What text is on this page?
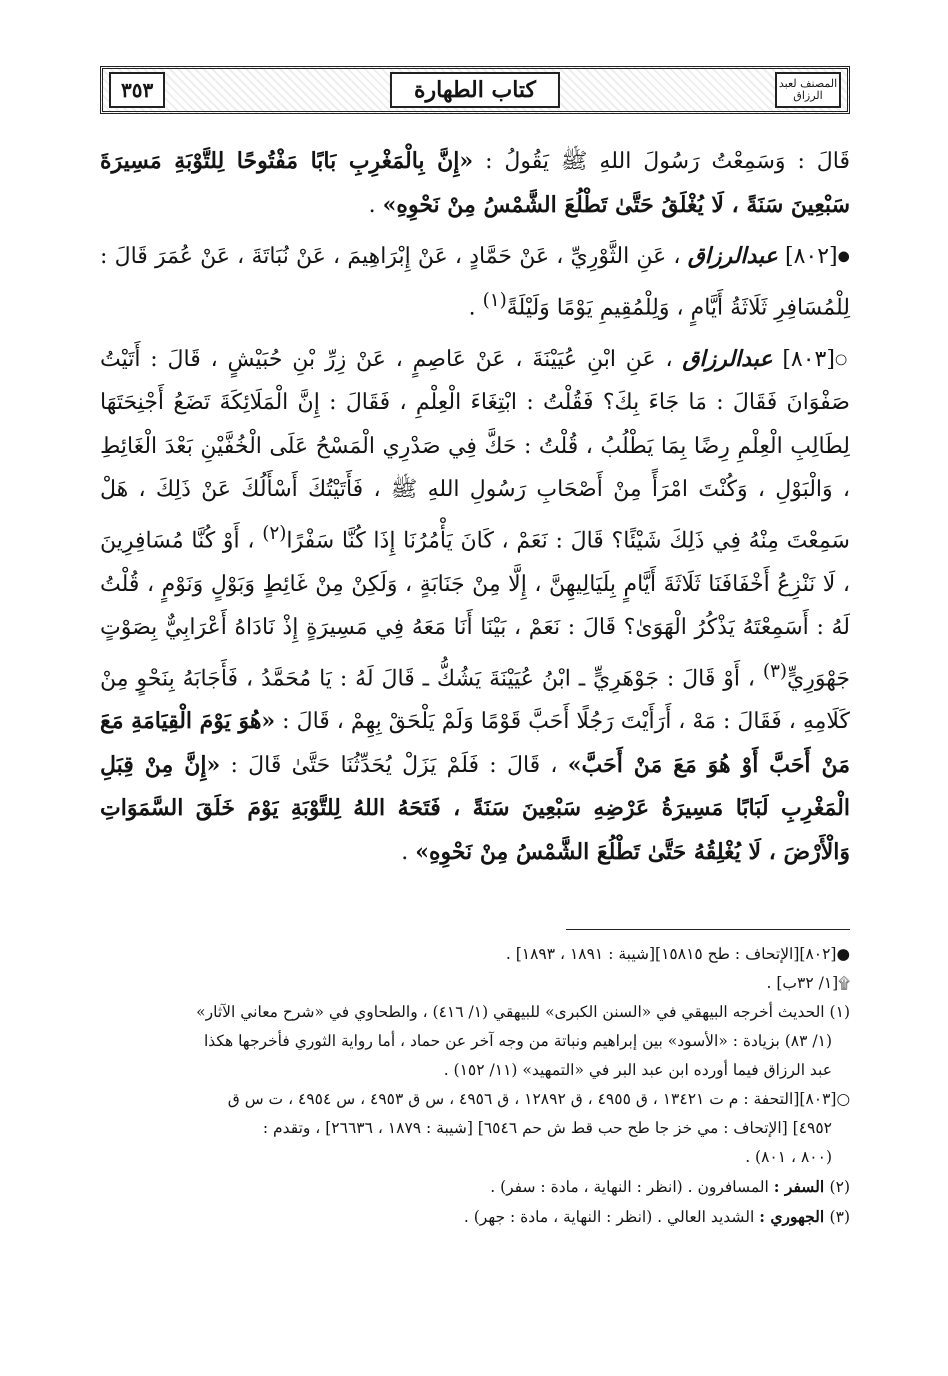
٣٥٣	كتاب الطهارة	المصنف لعبد الرزاق

قَالَ : وَسَمِعْتُ رَسُولَ اللهِ ﷺ يَقُولُ : «إِنَّ بِالْمَغْرِبِ بَابًا مَفْتُوحًا لِلتَّوْبَةِ مَسِيرَةَ سَبْعِينَ سَنَةً ، لَا يُغْلَقُ حَتَّىٰ تَطْلُعَ الشَّمْسُ مِنْ نَحْوِهِ» .

●[٨٠٢] عبدالرزاق ، عَنِ الثَّوْرِيِّ ، عَنْ حَمَّادٍ ، عَنْ إِبْرَاهِيمَ ، عَنْ نُبَاتَةَ ، عَنْ عُمَرَ قَالَ : لِلْمُسَافِرِ ثَلَاثَةُ أَيَّامٍ ، وَلِلْمُقِيمِ يَوْمًا وَلَيْلَةً$^{(١)}$ .

○[٨٠٣] عبدالرزاق ، عَنِ ابْنِ عُيَيْنَةَ ، عَنْ عَاصِمٍ ، عَنْ زِرِّ بْنِ حُبَيْشٍ ، قَالَ : أَتَيْتُ صَفْوَانَ فَقَالَ : مَا جَاءَ بِكَ؟ فَقُلْتُ : ابْتِغَاءَ الْعِلْمِ ، فَقَالَ : إِنَّ الْمَلَائِكَةَ تَضَعُ أَجْنِحَتَهَا لِطَالِبِ الْعِلْمِ رِضًا بِمَا يَطْلُبُ ، قُلْتُ : حَكَّ فِي صَدْرِي الْمَسْحُ عَلَى الْخُفَّيْنِ بَعْدَ الْغَائِطِ ، وَالْبَوْلِ ، وَكُنْتَ امْرَأً مِنْ أَصْحَابِ رَسُولِ اللهِ ﷺ ، فَأَتَيْتُكَ أَسْأَلُكَ عَنْ ذَلِكَ ، هَلْ سَمِعْتَ مِنْهُ فِي ذَلِكَ شَيْئًا؟ قَالَ : نَعَمْ ، كَانَ يَأْمُرُنَا إِذَا كُنَّا سَفْرًا$^{(٢)}$ ، أَوْ كُنَّا مُسَافِرِينَ ، لَا نَنْزِعُ أَخْفَافَنَا ثَلَاثَةَ أَيَّامٍ بِلَيَالِيهِنَّ ، إِلَّا مِنْ جَنَابَةٍ ، وَلَكِنْ مِنْ غَائِطٍ وَبَوْلٍ وَنَوْمٍ ، قُلْتُ لَهُ : أَسَمِعْتَهُ يَذْكُرُ الْهَوَىٰ؟ قَالَ : نَعَمْ ، بَيْنَا أَنَا مَعَهُ فِي مَسِيرَةٍ إِذْ نَادَاهُ أَعْرَابِيٌّ بِصَوْتٍ جَهْوَرِيٍّ$^{(٣)}$ ، أَوْ قَالَ : جَوْهَرِيٍّ ـ ابْنُ عُيَيْنَةَ يَشُكُّ ـ قَالَ لَهُ : يَا مُحَمَّدُ ، فَأَجَابَهُ بِنَحْوٍ مِنْ كَلَامِهِ ، فَقَالَ : مَهْ ، أَرَأَيْتَ رَجُلًا أَحَبَّ قَوْمًا وَلَمْ يَلْحَقْ بِهِمْ ، قَالَ : «هُوَ يَوْمَ الْقِيَامَةِ مَعَ مَنْ أَحَبَّ أَوْ هُوَ مَعَ مَنْ أَحَبَّ» ، قَالَ : فَلَمْ يَزَلْ يُحَدِّثُنَا حَتَّىٰ قَالَ : «إِنَّ مِنْ قِبَلِ الْمَغْرِبِ لَبَابًا مَسِيرَةُ عَرْضِهِ سَبْعِينَ سَنَةً ، فَتَحَهُ اللهُ لِلتَّوْبَةِ يَوْمَ خَلَقَ السَّمَوَاتِ وَالْأَرْضَ ، لَا يُغْلِقُهُ حَتَّىٰ تَطْلُعَ الشَّمْسُ مِنْ نَحْوِهِ» .

●[٨٠٢][الإتحاف : طح ١٥٨١٥][شيبة : ١٨٩١ ، ١٨٩٣] .

۩[١/ ٣٢ب] .

(١) الحديث أخرجه البيهقي في «السنن الكبرى» للبيهقي (١/ ٤١٦) ، والطحاوي في «شرح معاني الآثار»

(١/ ٨٣) بزيادة : «الأسود» بين إبراهيم ونباتة من وجه آخر عن حماد ، أما رواية الثوري فأخرجها هكذا

عبد الرزاق فيما أورده ابن عبد البر في «التمهيد» (١١/ ١٥٢) .

○[٨٠٣][التحفة : م ت ١٣٤٢١ ، ق ٤٩٥٥ ، ق ١٢٨٩٢ ، ق ٤٩٥٦ ، س ق ٤٩٥٣ ، س ٤٩٥٤ ، ت س ق

٤٩٥٢] [الإتحاف : مي خز جا طح حب قط ش حم ٦٥٤٦] [شيبة : ١٨٧٩ ، ٢٦٦٣٦] ، وتقدم :

(٨٠٠ ، ٨٠١) .

(٢) السفر : المسافرون . (انظر : النهاية ، مادة : سفر) .

(٣) الجهوري : الشديد العالي . (انظر : النهاية ، مادة : جهر) .
